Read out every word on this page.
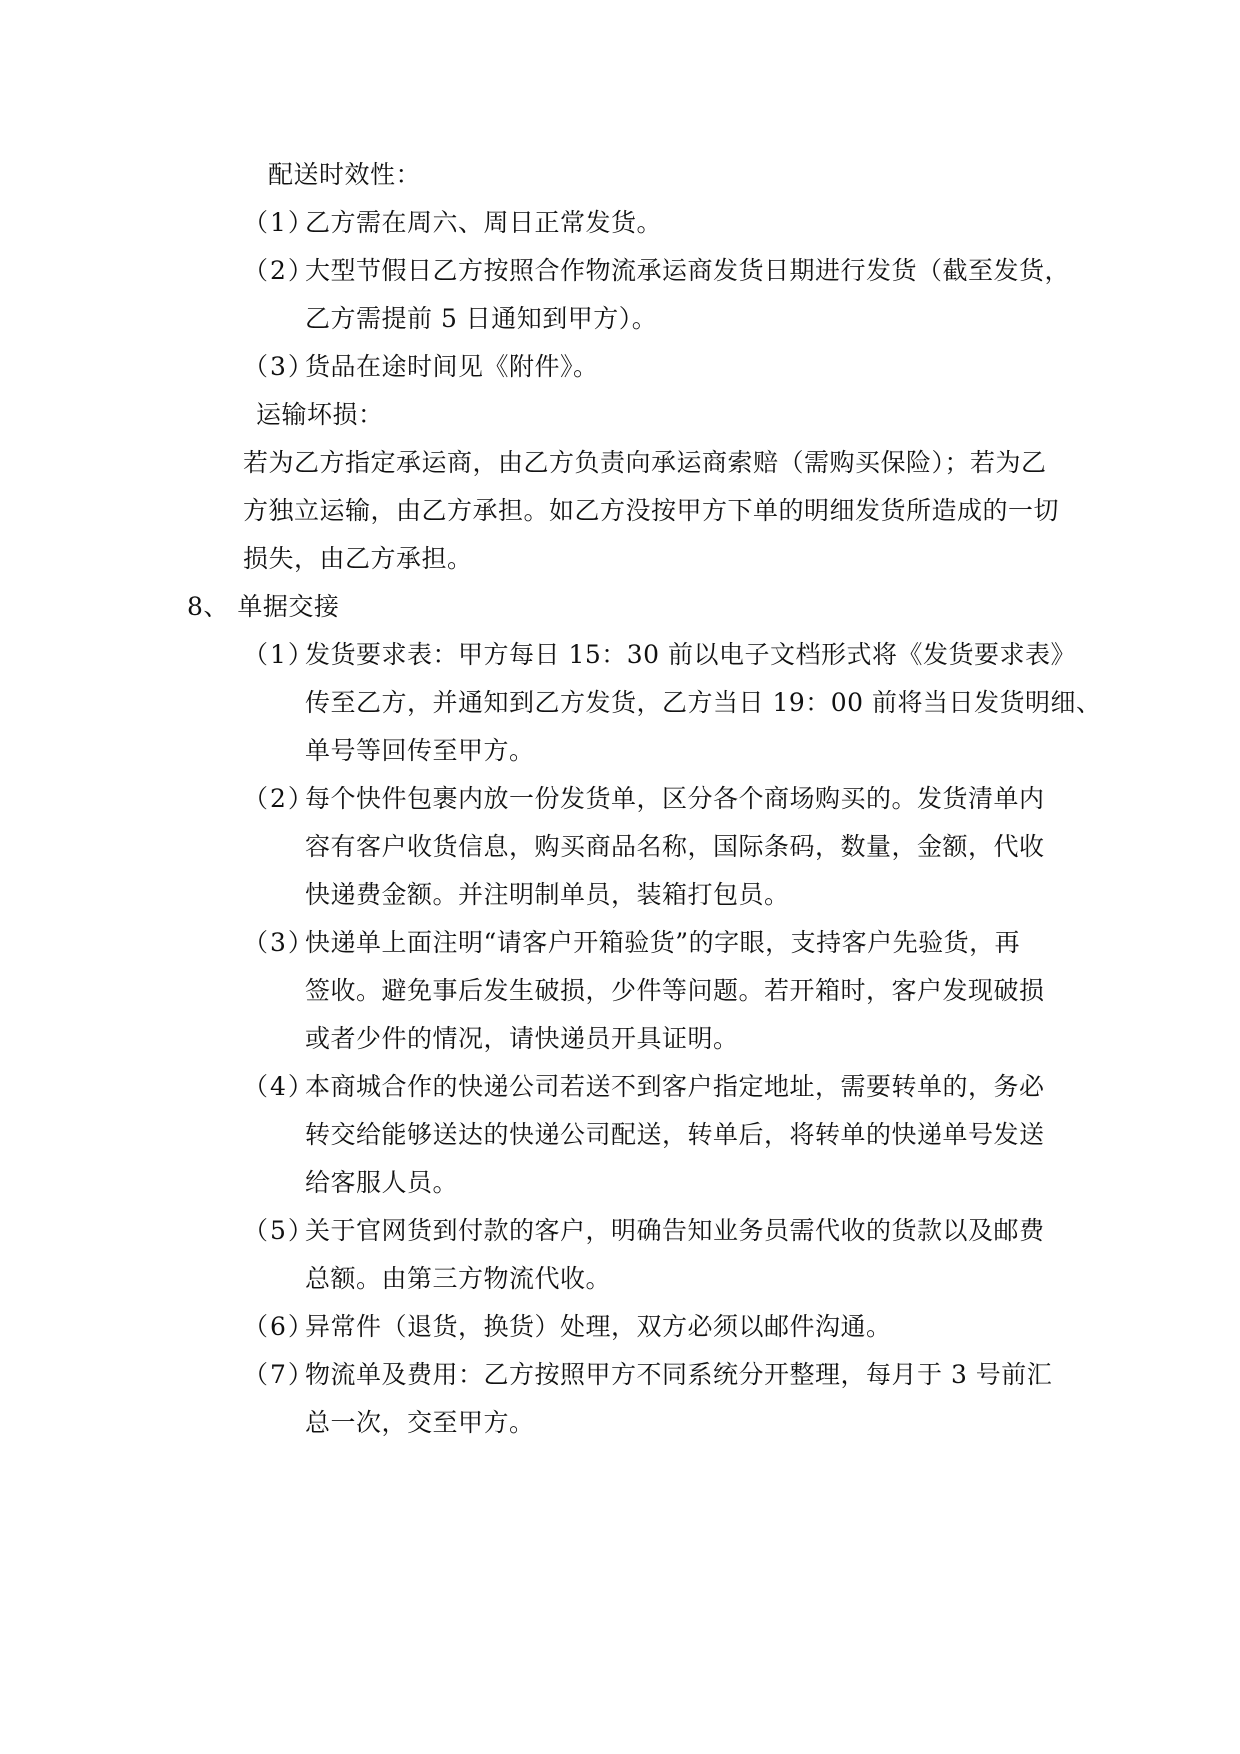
配送时效性：
（1）乙方需在周六、周日正常发货。
（2）大型节假日乙方按照合作物流承运商发货日期进行发货（截至发货，
乙方需提前 5 日通知到甲方）。
（3）货品在途时间见《附件》。
运输坏损：
若为乙方指定承运商，由乙方负责向承运商索赔（需购买保险）；若为乙
方独立运输，由乙方承担。如乙方没按甲方下单的明细发货所造成的一切
损失，由乙方承担。
8、 单据交接
（1）发货要求表：甲方每日 15：30 前以电子文档形式将《发货要求表》
传至乙方，并通知到乙方发货，乙方当日 19：00 前将当日发货明细、
单号等回传至甲方。
（2）每个快件包裹内放一份发货单，区分各个商场购买的。发货清单内
容有客户收货信息，购买商品名称，国际条码，数量，金额，代收
快递费金额。并注明制单员，装箱打包员。
（3）快递单上面注明“请客户开箱验货”的字眼，支持客户先验货，再
签收。避免事后发生破损，少件等问题。若开箱时，客户发现破损
或者少件的情况，请快递员开具证明。
（4）本商城合作的快递公司若送不到客户指定地址，需要转单的，务必
转交给能够送达的快递公司配送，转单后，将转单的快递单号发送
给客服人员。
（5）关于官网货到付款的客户，明确告知业务员需代收的货款以及邮费
总额。由第三方物流代收。
（6）异常件（退货，换货）处理，双方必须以邮件沟通。
（7）物流单及费用：乙方按照甲方不同系统分开整理，每月于 3 号前汇
总一次，交至甲方。
